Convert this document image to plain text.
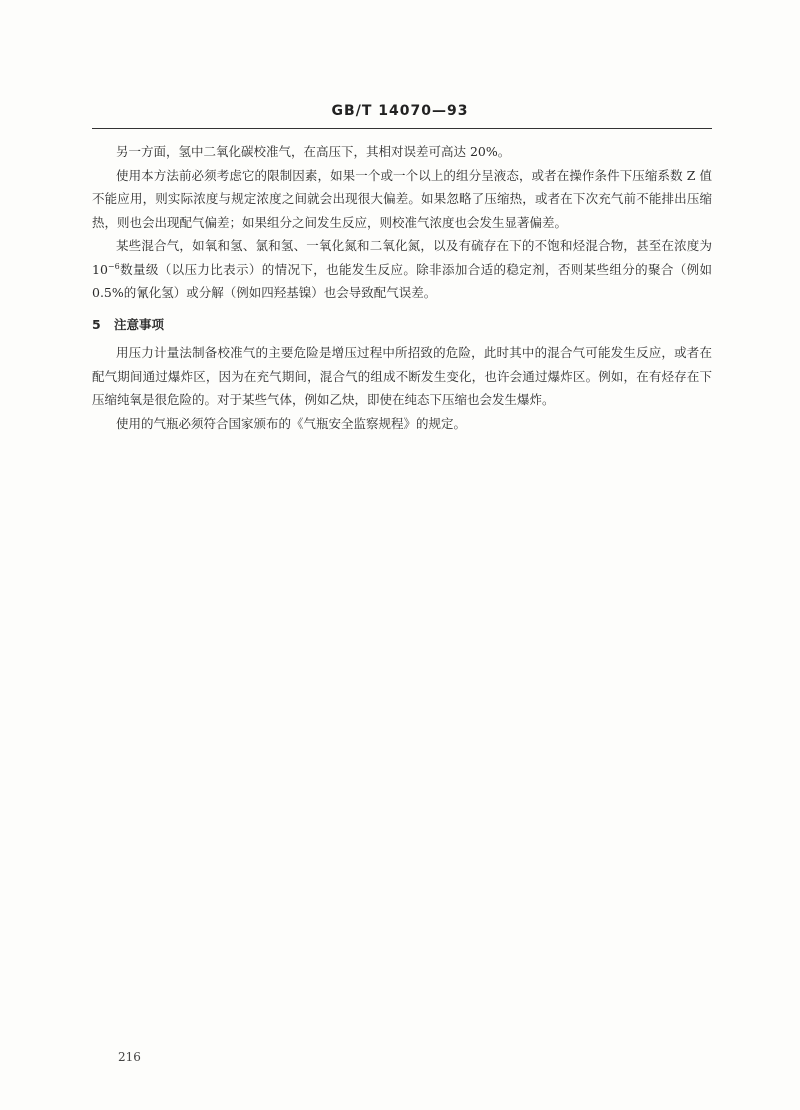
GB/T 14070—93

另一方面，氢中二氧化碳校准气，在高压下，其相对误差可高达 20%。

使用本方法前必须考虑它的限制因素，如果一个或一个以上的组分呈液态，或者在操作条件下压缩系数 Z 值不能应用，则实际浓度与规定浓度之间就会出现很大偏差。如果忽略了压缩热，或者在下次充气前不能排出压缩热，则也会出现配气偏差；如果组分之间发生反应，则校准气浓度也会发生显著偏差。

某些混合气，如氧和氢、氯和氢、一氧化氮和二氧化氮，以及有硫存在下的不饱和烃混合物，甚至在浓度为 $10^{-6}$数量级（以压力比表示）的情况下，也能发生反应。除非添加合适的稳定剂，否则某些组分的聚合（例如 0.5%的氰化氢）或分解（例如四羟基镍）也会导致配气误差。

5 注意事项

用压力计量法制备校准气的主要危险是增压过程中所招致的危险，此时其中的混合气可能发生反应，或者在配气期间通过爆炸区，因为在充气期间，混合气的组成不断发生变化，也许会通过爆炸区。例如，在有烃存在下压缩纯氧是很危险的。对于某些气体，例如乙炔，即使在纯态下压缩也会发生爆炸。

使用的气瓶必须符合国家颁布的《气瓶安全监察规程》的规定。

216
